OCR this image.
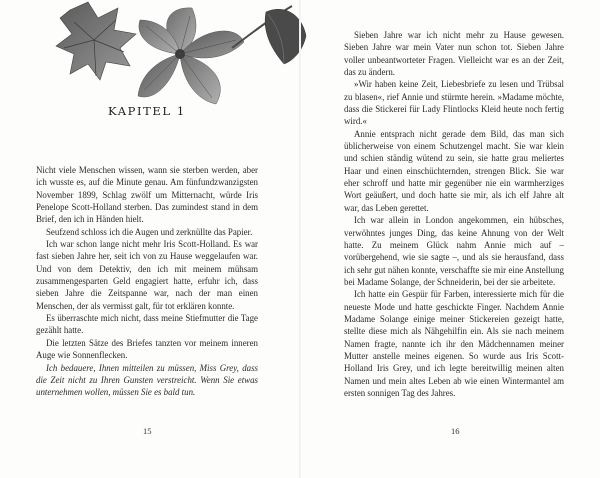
KAPITEL 1

Nicht viele Menschen wissen, wann sie sterben werden, aber ich wusste es, auf die Minute genau. Am fünfundzwanzigsten November 1899, Schlag zwölf um Mitternacht, würde Iris Penelope Scott-Holland sterben. Das zumindest stand in dem Brief, den ich in Händen hielt.

Seufzend schloss ich die Augen und zerknüllte das Papier.

Ich war schon lange nicht mehr Iris Scott-Holland. Es war fast sieben Jahre her, seit ich von zu Hause weggelaufen war. Und von dem Detektiv, den ich mit meinem mühsam zusammengesparten Geld engagiert hatte, erfuhr ich, dass sieben Jahre die Zeitspanne war, nach der man einen Menschen, der als vermisst galt, für tot erklären konnte.

Es überraschte mich nicht, dass meine Stiefmutter die Tage gezählt hatte.

Die letzten Sätze des Briefes tanzten vor meinem inneren Auge wie Sonnenflecken.

Ich bedauere, Ihnen mitteilen zu müssen, Miss Grey, dass die Zeit nicht zu Ihren Gunsten verstreicht. Wenn Sie etwas unternehmen wollen, müssen Sie es bald tun.

15

Sieben Jahre war ich nicht mehr zu Hause gewesen. Sieben Jahre war mein Vater nun schon tot. Sieben Jahre voller unbeantworteter Fragen. Vielleicht war es an der Zeit, das zu ändern.

»Wir haben keine Zeit, Liebesbriefe zu lesen und Trübsal zu blasen«, rief Annie und stürmte herein. »Madame möchte, dass die Stickerei für Lady Flintlocks Kleid heute noch fertig wird.«

Annie entsprach nicht gerade dem Bild, das man sich üblicherweise von einem Schutzengel macht. Sie war klein und schien ständig wütend zu sein, sie hatte grau meliertes Haar und einen einschüchternden, strengen Blick. Sie war eher schroff und hatte mir gegenüber nie ein warmherziges Wort geäußert, und doch hatte sie mir, als ich elf Jahre alt war, das Leben gerettet.

Ich war allein in London angekommen, ein hübsches, verwöhntes junges Ding, das keine Ahnung von der Welt hatte. Zu meinem Glück nahm Annie mich auf – vorübergehend, wie sie sagte –, und als sie herausfand, dass ich sehr gut nähen konnte, verschaffte sie mir eine Anstellung bei Madame Solange, der Schneiderin, bei der sie arbeitete.

Ich hatte ein Gespür für Farben, interessierte mich für die neueste Mode und hatte geschickte Finger. Nachdem Annie Madame Solange einige meiner Stickereien gezeigt hatte, stellte diese mich als Nähgehilfin ein. Als sie nach meinem Namen fragte, nannte ich ihr den Mädchennamen meiner Mutter anstelle meines eigenen. So wurde aus Iris Scott-Holland Iris Grey, und ich legte bereitwillig meinen alten Namen und mein altes Leben ab wie einen Wintermantel am ersten sonnigen Tag des Jahres.

16
